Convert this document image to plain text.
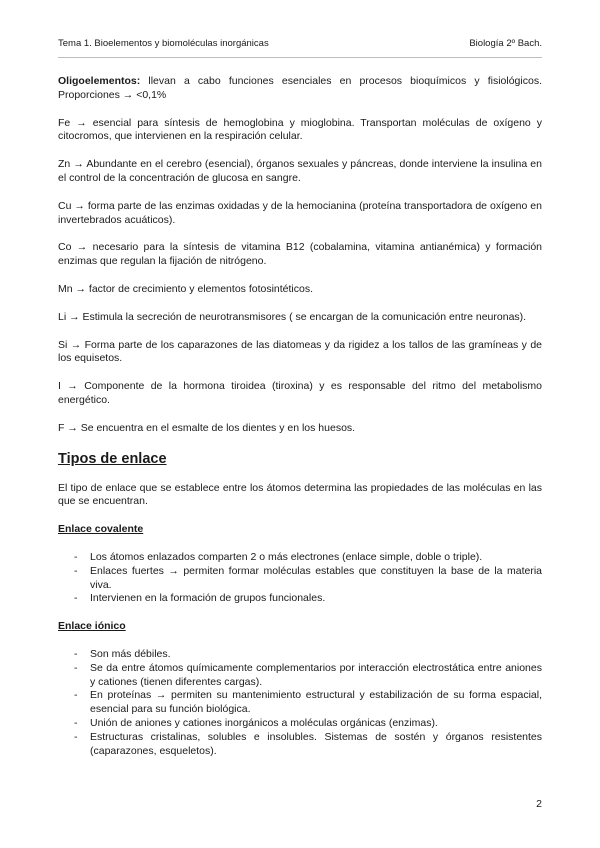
Tema 1. Bioelementos y biomoléculas inorgánicas	Biología 2º Bach.

Oligoelementos: llevan a cabo funciones esenciales en procesos bioquímicos y fisiológicos. Proporciones → <0,1%

Fe → esencial para síntesis de hemoglobina y mioglobina. Transportan moléculas de oxígeno y citocromos, que intervienen en la respiración celular.

Zn → Abundante en el cerebro (esencial), órganos sexuales y páncreas, donde interviene la insulina en el control de la concentración de glucosa en sangre.

Cu → forma parte de las enzimas oxidadas y de la hemocianina (proteína transportadora de oxígeno en invertebrados acuáticos).

Co → necesario para la síntesis de vitamina B12 (cobalamina, vitamina antianémica) y formación enzimas que regulan la fijación de nitrógeno.

Mn → factor de crecimiento y elementos fotosintéticos.

Li → Estimula la secreción de neurotransmisores ( se encargan de la comunicación entre neuronas).

Si → Forma parte de los caparazones de las diatomeas y da rigidez a los tallos de las gramíneas y de los equisetos.

I → Componente de la hormona tiroidea (tiroxina) y es responsable del ritmo del metabolismo energético.

F → Se encuentra en el esmalte de los dientes y en los huesos.

Tipos de enlace

El tipo de enlace que se establece entre los átomos determina las propiedades de las moléculas en las que se encuentran.

Enlace covalente
- Los átomos enlazados comparten 2 o más electrones (enlace simple, doble o triple).
- Enlaces fuertes → permiten formar moléculas estables que constituyen la base de la materia viva.
- Intervienen en la formación de grupos funcionales.
Enlace iónico
- Son más débiles.
- Se da entre átomos químicamente complementarios por interacción electrostática entre aniones y cationes (tienen diferentes cargas).
- En proteínas → permiten su mantenimiento estructural y estabilización de su forma espacial, esencial para su función biológica.
- Unión de aniones y cationes inorgánicos a moléculas orgánicas (enzimas).
- Estructuras cristalinas, solubles e insolubles. Sistemas de sostén y órganos resistentes (caparazones, esqueletos).
2
